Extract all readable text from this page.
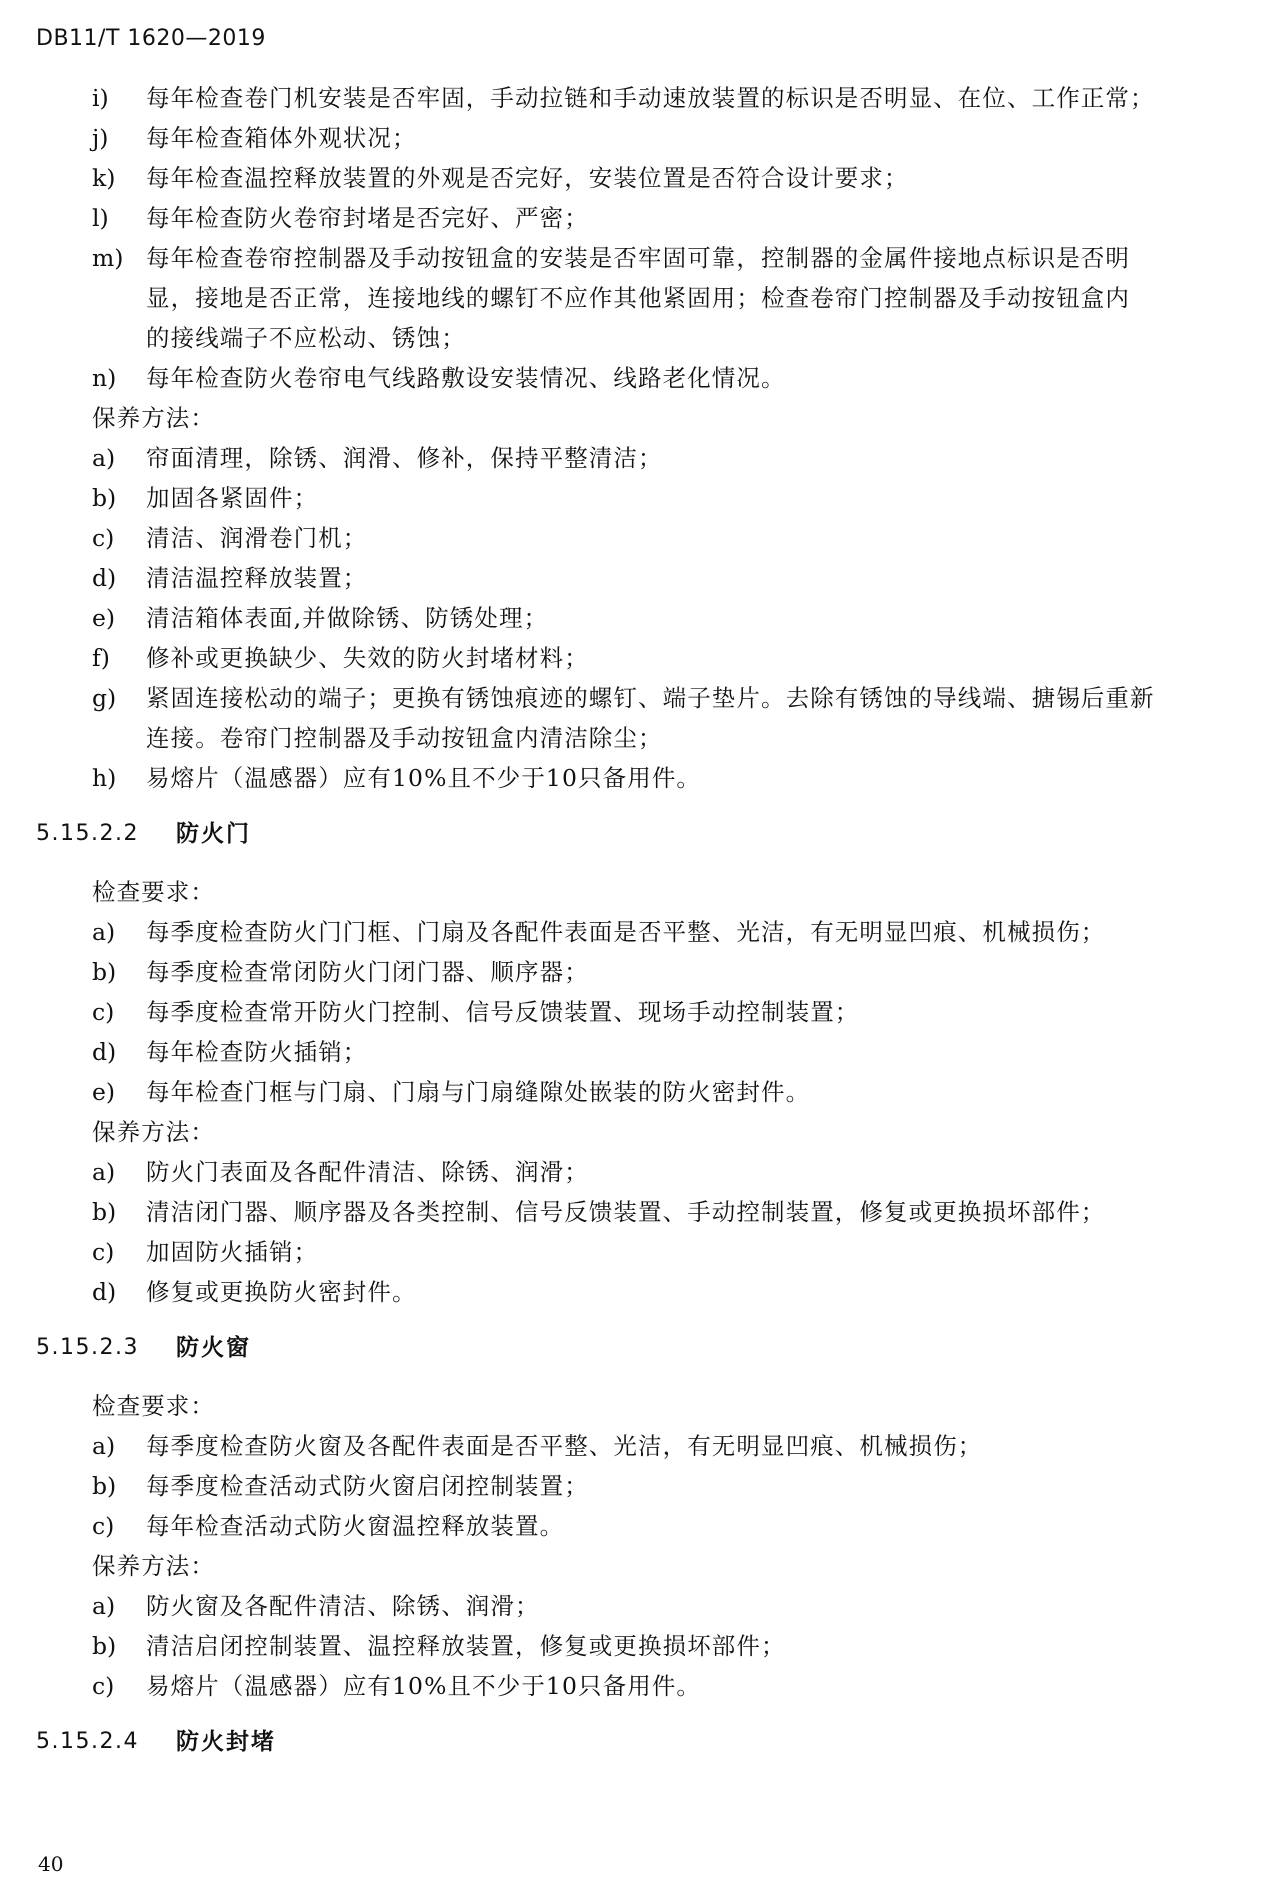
DB11/T 1620—2019
i)	每年检查卷门机安装是否牢固，手动拉链和手动速放装置的标识是否明显、在位、工作正常；
j)	每年检查箱体外观状况；
k)	每年检查温控释放装置的外观是否完好，安装位置是否符合设计要求；
l)	每年检查防火卷帘封堵是否完好、严密；
m) 每年检查卷帘控制器及手动按钮盒的安装是否牢固可靠，控制器的金属件接地点标识是否明
显，接地是否正常，连接地线的螺钉不应作其他紧固用；检查卷帘门控制器及手动按钮盒内
的接线端子不应松动、锈蚀；
n)	每年检查防火卷帘电气线路敷设安装情况、线路老化情况。
保养方法：
a)	帘面清理，除锈、润滑、修补，保持平整清洁；
b)	加固各紧固件；
c)	清洁、润滑卷门机；
d)	清洁温控释放装置；
e)	清洁箱体表面,并做除锈、防锈处理；
f)	修补或更换缺少、失效的防火封堵材料；
g)	紧固连接松动的端子；更换有锈蚀痕迹的螺钉、端子垫片。去除有锈蚀的导线端、搪锡后重新
连接。卷帘门控制器及手动按钮盒内清洁除尘；
h)	易熔片（温感器）应有10%且不少于10只备用件。
5.15.2.2 防火门
检查要求：
a)	每季度检查防火门门框、门扇及各配件表面是否平整、光洁，有无明显凹痕、机械损伤；
b)	每季度检查常闭防火门闭门器、顺序器；
c)	每季度检查常开防火门控制、信号反馈装置、现场手动控制装置；
d)	每年检查防火插销；
e)	每年检查门框与门扇、门扇与门扇缝隙处嵌装的防火密封件。
保养方法：
a)	防火门表面及各配件清洁、除锈、润滑；
b)	清洁闭门器、顺序器及各类控制、信号反馈装置、手动控制装置，修复或更换损坏部件；
c)	加固防火插销；
d)	修复或更换防火密封件。
5.15.2.3 防火窗
检查要求：
a)	每季度检查防火窗及各配件表面是否平整、光洁，有无明显凹痕、机械损伤；
b)	每季度检查活动式防火窗启闭控制装置；
c)	每年检查活动式防火窗温控释放装置。
保养方法：
a)	防火窗及各配件清洁、除锈、润滑；
b)	清洁启闭控制装置、温控释放装置，修复或更换损坏部件；
c)	易熔片（温感器）应有10%且不少于10只备用件。
5.15.2.4 防火封堵
40
